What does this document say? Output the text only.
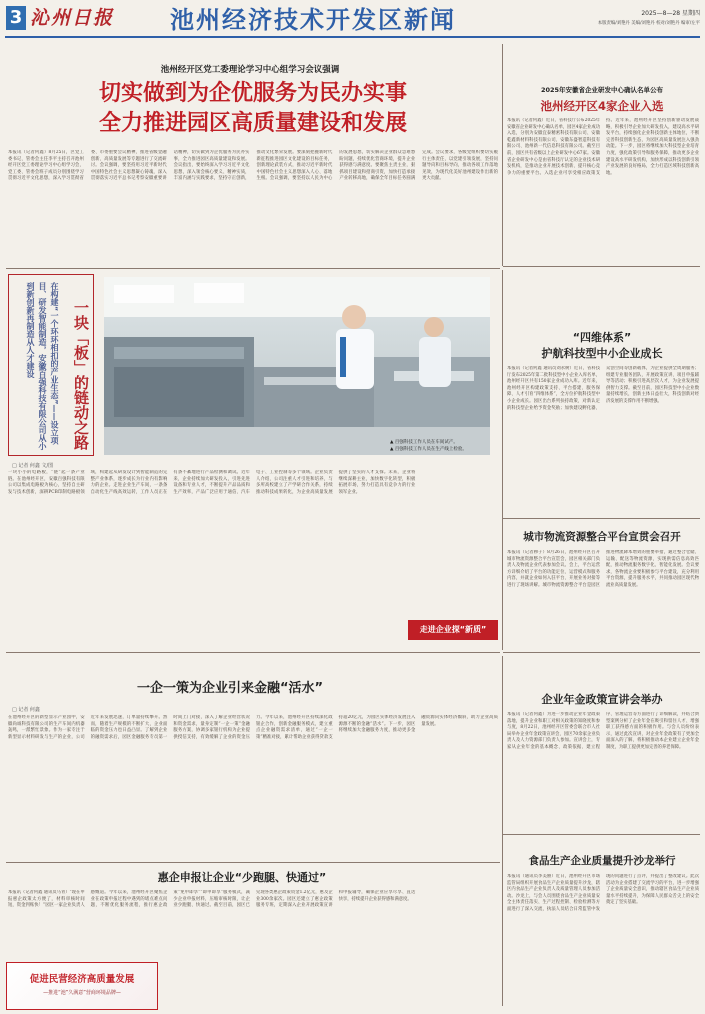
3 沁州日报	池州经济技术开发区新闻	2025—8—28 星期四
本版责编/刘艳丹 美编/刘艳丹 校对/刘艳丹 编审/左平
池州经开区党工委理论学习中心组学习会议强调
切实做到为企优服务为民办实事
全力推进园区高质量建设和发展
本报讯（记者何鑫）8月25日，区党工委书记、管委会主任李平主持召开池州经开区党工委理论学习中心组学习会，党工委、管委会班子成员分别围绕学习贯彻习近平文化思想，深入学习贯彻省委、市委重要会议精神，推进省级金融创新、高质量发展等专题进行了交流研讨。会议强调，要坚持用习近平新时代中国特色社会主义思想凝心铸魂，深入贯彻落实习近平总书记考察安徽重要讲话精神，切实做到为企优服务为民办实事，全力推进园区高质量建设和发展。会议指出，要始终深入学习习近平文化思想，深入领会核心要义、精神实质，丰富内涵与实践要求，坚持守正创新，推动文化繁荣发展。要深刻把握新时代新征程推进园区文化建设的目标任务，创新理论武装方式，推动习近平新时代中国特色社会主义思想深入人心、落地生根。会议强调，要坚持以人民为中心的发展思想，切实解决企业群众急难愁盼问题，持续优化营商环境，提升企业获得感与满意度。要聚焦主责主业，狠抓项目建设和招商引资，加快打造承接产业转移高地，确保全年目标任务圆满完成。会议要求，各级党组织要切实履行主体责任，以党建引领发展，坚持问题导向和目标导向，推动各项工作落地见效，为现代化美好池州建设作出新的更大贡献。
2025年安徽省企业研发中心确认名单公布
池州经开区4家企业入选
本报讯（记者何鑫）近日，省科技厅公布2025年安徽省企业研发中心确认名单，园区4家企业成功入选，分别为安徽宜泰精密科技有限公司、安徽乾鑫新材料科技有限公司、安徽东盛智造科技有限公司、池州新一代信息科技有限公司。截至目前，园区共有省级以上企业研发中心67家。安徽省企业研发中心是由省科技厅认定的企业技术研发机构，是推动企业开展技术创新、提升核心竞争力的重要平台。入选企业可享受相应政策支持。近年来，池州经开区坚持创新驱动发展战略，积极引导企业加大研发投入，建设高水平研发平台，持续强化企业科技创新主体地位，不断完善科技创新生态，为园区高质量发展注入强劲动能。下一步，园区将继续加大科技型企业培育力度，强化政策引导和服务保障，推动更多企业建设高水平研发机构，加快形成以科技创新引领产业发展的良好格局，全力打造区域科技创新高地。
一块「板」的链动之路
在构建“一个环环相扣的产业生态”——设立项目、研发智能制造，安徽百强科技有限公司从小到新创新再制造从人才建设
▲ 百强科技工作人员在车间试产。
▲ 百强科技工作人员在生产线上检验。
□ 记者 何鑫 文/图
一块小小的电路板，“链”起一条产业链。在池州经开区，安徽百强科技有限公司以集成电路板为核心，坚持自主研发与技术创新，深耕PCB印制电路板领域，构建起从研发设计到智能制造的完整产业体系，逐步成长为行业内有影响力的企业。走进企业生产车间，一条条自动化生产线高效运转，工作人员正在有条不紊地进行产品检测和调试。近年来，企业持续加大研发投入，引进先进设备和专业人才，不断提升产品品质和生产效率，产品广泛应用于通信、汽车电子、工业控制等多个领域。企业负责人介绍，公司注重人才引进和培养，与多所高校建立了产学研合作关系，持续推动科技成果转化，为企业高质量发展提供了坚实的人才支撑。未来，企业将继续深耕主业，加快数字化转型，积极拓展市场，努力打造具有竞争力的行业领军企业。
走进企业探“新质”
“四维体系”
护航科技型中小企业成长
本报讯（记者何鑫 通讯员刘永树）近日，省科技厅发布2025年第二批科技型中小企业入库名单，池州经开区共有150家企业成功入库。近年来，池州经开区构建政策支持、平台搭建、服务保障、人才引育“四维体系”，全方位护航科技型中小企业成长。园区出台系列扶持政策，对新认定的科技型企业给予资金奖励；加快建设孵化器、众创空间等创新载体，为企业提供全周期服务；组建专业服务团队，开展政策宣讲、项目申报辅导等活动；积极引进高层次人才，为企业发展提供智力支撑。截至目前，园区科技型中小企业数量持续增长，创新主体日益壮大，科技创新对经济发展的支撑作用不断增强。
城市物流资源整合平台宣贯会召开
本报讯（记者穆子）8月26日，池州经开区召开城市物流资源整合平台宣贯会，园区相关部门负责人及物流企业代表参加会议。会上，平台运营方详细介绍了平台的功能定位、运营模式和服务内容，并就企业如何入驻平台、开展业务对接等进行了现场讲解。城市物流资源整合平台是园区推进物流降本增效的重要举措，通过整合仓储、运输、配送等物流资源，实现供需信息高效匹配，推动物流服务数字化、智能化发展。会议要求，各物流企业要积极参与平台建设，充分利用平台资源，提升服务水平，共同推动园区现代物流业高质量发展。
一企一策为企业引来金融“活水”
□ 记者 何鑫
在池州经开区的新型显示产业园中，安徽尚诚科技有限公司的生产车间内机器轰鸣，一派繁忙景象。作为一家专注于新型显示材料研发与生产的企业，公司近年来发展迅速，订单量持续攀升。然而，随着生产规模的不断扩大，企业面临的资金压力也日益凸显。了解到企业的融资需求后，园区金融服务专员第一时间上门对接，深入了解企业经营状况和资金需求，量身定制“一企一策”金融服务方案，协调多家银行机构为企业提供授信支持，有效缓解了企业的资金压力。今年以来，池州经开区持续深化政银企合作，创新金融服务模式，建立重点企业融资需求清单，通过“一企一策”精准对接，累计帮助企业获得贷款支持超20亿元，为园区实体经济发展注入源源不断的金融“活水”。下一步，园区将继续加大金融服务力度，推动更多金融资源向实体经济倾斜，助力企业高质量发展。
企业年金政策宣讲会举办
本报讯（记者何鑫）为进一步推动企业年金政策落地，提升企业和职工对相关政策的知晓度和参与度，8月22日，池州经开区管委会联合市人社局举办企业年金政策宣讲会，园区70余家企业负责人及人力资源部门负责人参加。宣讲会上，专家从企业年金的基本概念、政策依据、建立程序、管理运营等方面进行了详细解读，并结合典型案例分析了企业年金在吸引和留住人才、增强职工获得感方面的积极作用。与会人员纷纷表示，通过此次宣讲，对企业年金政策有了更加全面深入的了解，将积极推动本企业建立企业年金制度，为职工提供更加完善的养老保障。
食品生产企业质量提升沙龙举行
本报讯（通讯员李美丽）近日，池州经开区市场监管局组织开展食品生产企业质量提升沙龙，辖区内食品生产企业负责人及质量管理人员参加活动。沙龙上，与会人员围绕食品生产企业质量安全主体责任落实、生产过程控制、检验检测等方面进行了深入交流，执法人员结合日常监管中发现的问题进行了点评，并提出了整改建议。此次活动为企业搭建了交流学习的平台，进一步增强了企业质量安全意识，推动辖区食品生产企业质量水平持续提升，为保障人民群众舌尖上的安全奠定了坚实基础。
惠企申报让企业“少跑腿、快通过”
本报讯（记者何鑫 通讯员马青）“现在申报惠企政策太方便了，材料审核时间短，资金到账快！”园区一家企业负责人感慨道。今年以来，池州经开区聚焦企业在政策申报过程中遇到的堵点难点问题，不断优化服务流程，推行惠企政策“免申即享”“即申即享”服务模式，减少企业申报材料，压缩审核时限，让企业少跑腿、快通过。截至目前，园区已兑现各类惠企政策资金1.2亿元，惠及企业300余家次。园区还建立了惠企政策服务专班，定期深入企业开展政策宣讲和申报辅导，确保企业应享尽享、直达快享，持续提升企业获得感和满意度。
促进民营经济高质量发展
—推进“池”久满意”营商环境品牌—
